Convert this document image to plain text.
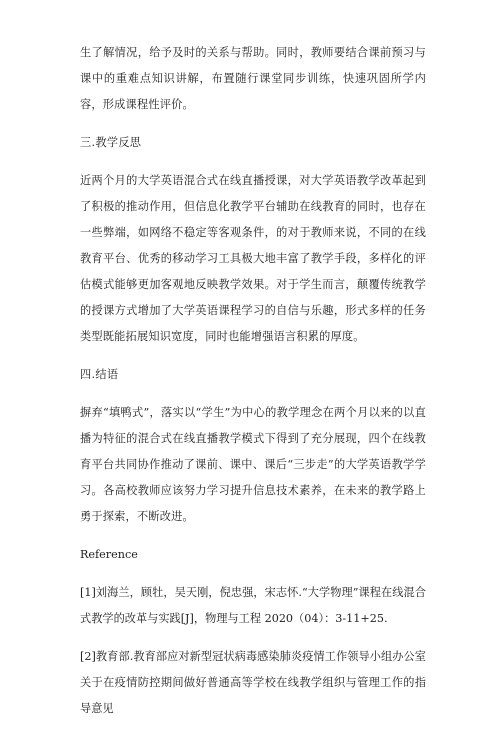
生了解情况，给予及时的关系与帮助。同时，教师要结合课前预习与课中的重难点知识讲解，布置随行课堂同步训练，快速巩固所学内容，形成课程性评价。

三.教学反思

近两个月的大学英语混合式在线直播授课，对大学英语教学改革起到了积极的推动作用，但信息化教学平台辅助在线教育的同时，也存在一些弊端，如网络不稳定等客观条件，的对于教师来说，不同的在线教育平台、优秀的移动学习工具极大地丰富了教学手段，多样化的评估模式能够更加客观地反映教学效果。对于学生而言，颠覆传统教学的授课方式增加了大学英语课程学习的自信与乐趣，形式多样的任务类型既能拓展知识宽度，同时也能增强语言积累的厚度。

四.结语

摒弃“填鸭式”，落实以“学生”为中心的教学理念在两个月以来的以直播为特征的混合式在线直播教学模式下得到了充分展现，四个在线教育平台共同协作推动了课前、课中、课后“三步走”的大学英语教学学习。各高校教师应该努力学习提升信息技术素养，在未来的教学路上勇于探索，不断改进。

Reference

[1]刘海兰，顾牡，吴天刚，倪忠强，宋志怀.“大学物理”课程在线混合式教学的改革与实践[J]，物理与工程 2020（04）：3-11+25.

[2]教育部.教育部应对新型冠状病毒感染肺炎疫情工作领导小组办公室关于在疫情防控期间做好普通高等学校在线教学组织与管理工作的指导意见
